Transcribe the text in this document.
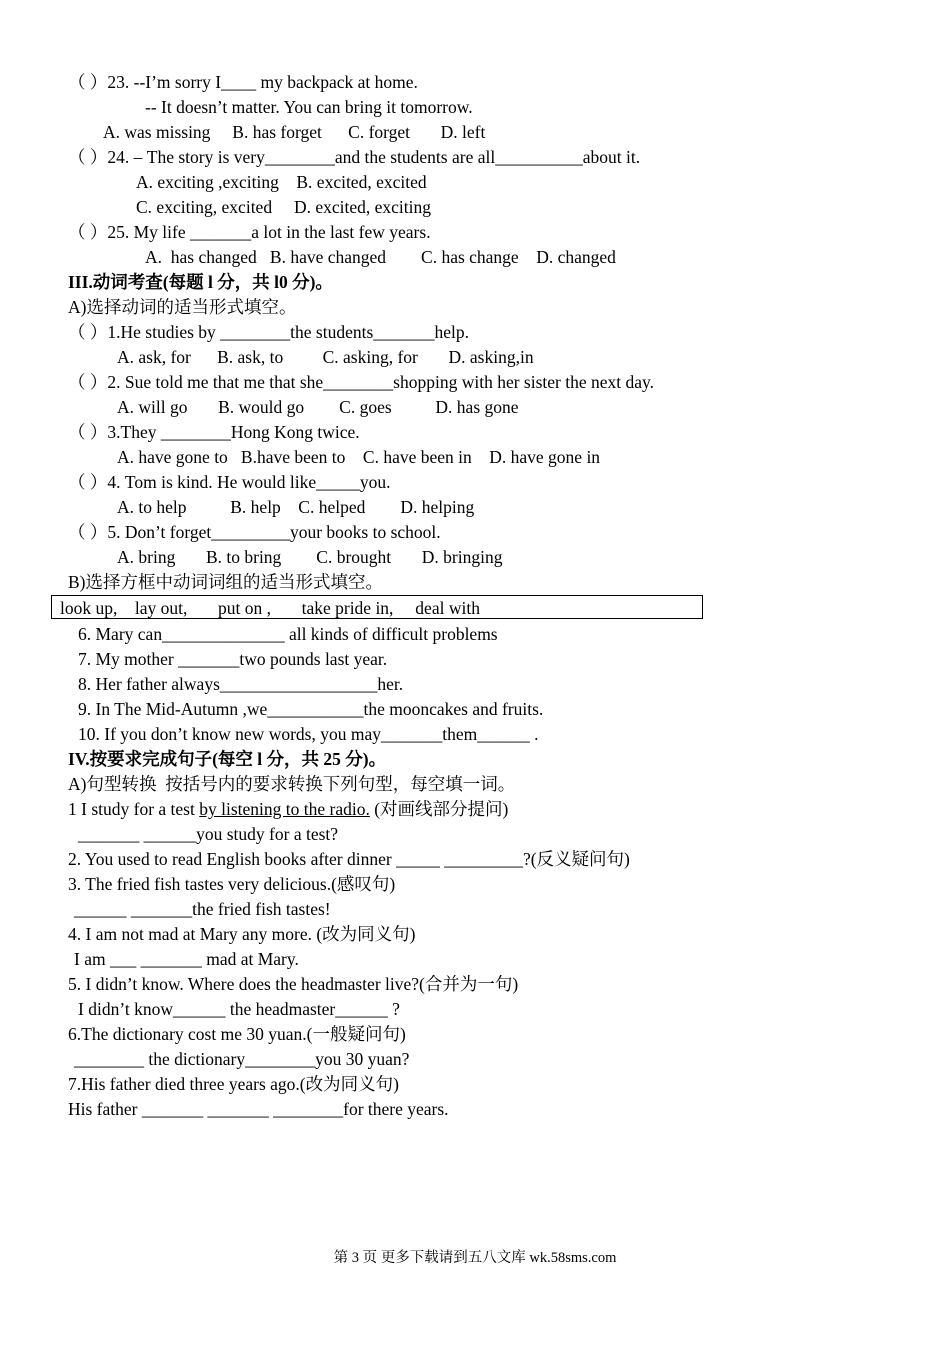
（ ）23. --I’m sorry I____ my backpack at home.
-- It doesn’t matter. You can bring it tomorrow.
A. was missing     B. has forget      C. forget       D. left
（ ）24. – The story is very________and the students are all__________about it.
A. exciting ,exciting    B. excited, excited
C. exciting, excited     D. excited, exciting
（ ）25. My life _______a lot in the last few years.
A.  has changed   B. have changed        C. has change    D. changed
III.动词考查(每题 l 分，共 l0 分)。
A)选择动词的适当形式填空。
（ ）1.He studies by ________the students_______help.
A. ask, for      B. ask, to         C. asking, for       D. asking,in
（ ）2. Sue told me that me that she________shopping with her sister the next day.
A. will go       B. would go        C. goes          D. has gone
（ ）3.They ________Hong Kong twice.
A. have gone to   B.have been to    C. have been in    D. have gone in
（ ）4. Tom is kind. He would like_____you.
A. to help          B. help    C. helped        D. helping
（ ）5. Don’t forget_________your books to school.
A. bring       B. to bring        C. brought       D. bringing
B)选择方框中动词词组的适当形式填空。
look up,    lay out,       put on ,       take pride in,     deal with
6. Mary can______________ all kinds of difficult problems
7. My mother _______two pounds last year.
8. Her father always__________________her.
9. In The Mid-Autumn ,we___________the mooncakes and fruits.
10. If you don’t know new words, you may_______them______ .
IV.按要求完成句子(每空 l 分，共 25 分)。
A)句型转换  按括号内的要求转换下列句型，每空填一词。
1 I study for a test by listening to the radio. (对画线部分提问)
_______ ______you study for a test?
2. You used to read English books after dinner _____ _________?(反义疑问句)
3. The fried fish tastes very delicious.(感叹句)
______ _______the fried fish tastes!
4. I am not mad at Mary any more. (改为同义句)
I am ___ _______ mad at Mary.
5. I didn’t know. Where does the headmaster live?(合并为一句)
I didn’t know______ the headmaster______ ?
6.The dictionary cost me 30 yuan.(一般疑问句)
________ the dictionary________you 30 yuan?
7.His father died three years ago.(改为同义句)
His father _______ _______ ________for there years.
第 3 页 更多下载请到五八文库 wk.58sms.com
